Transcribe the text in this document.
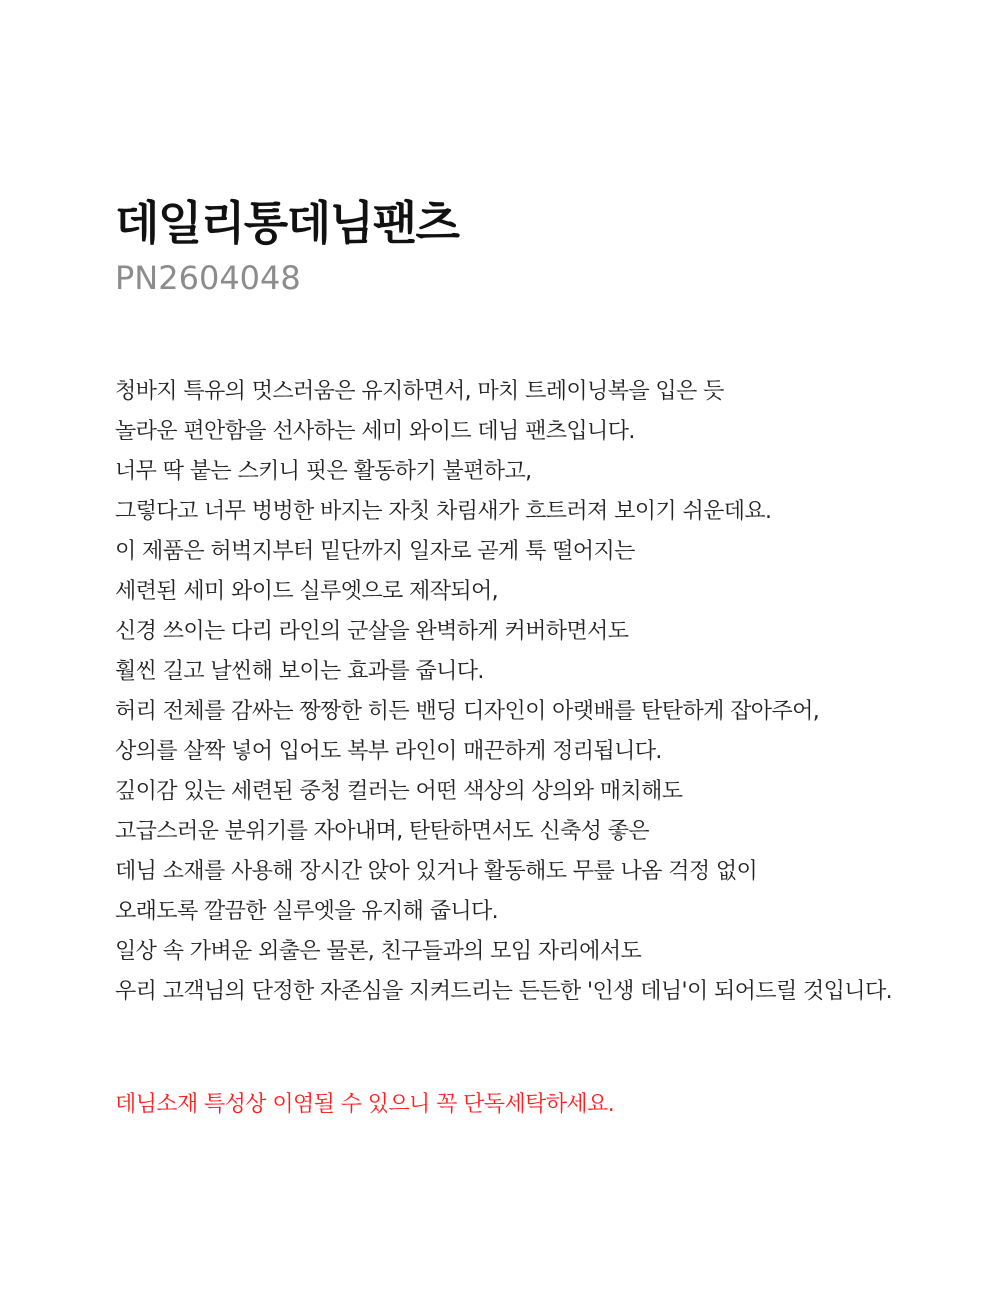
데일리통데님팬츠

PN2604048

청바지 특유의 멋스러움은 유지하면서, 마치 트레이닝복을 입은 듯
놀라운 편안함을 선사하는 세미 와이드 데님 팬츠입니다.
너무 딱 붙는 스키니 핏은 활동하기 불편하고,
그렇다고 너무 벙벙한 바지는 자칫 차림새가 흐트러져 보이기 쉬운데요.
이 제품은 허벅지부터 밑단까지 일자로 곧게 툭 떨어지는
세련된 세미 와이드 실루엣으로 제작되어,
신경 쓰이는 다리 라인의 군살을 완벽하게 커버하면서도
훨씬 길고 날씬해 보이는 효과를 줍니다.
허리 전체를 감싸는 짱짱한 히든 밴딩 디자인이 아랫배를 탄탄하게 잡아주어,
상의를 살짝 넣어 입어도 복부 라인이 매끈하게 정리됩니다.
깊이감 있는 세련된 중청 컬러는 어떤 색상의 상의와 매치해도
고급스러운 분위기를 자아내며, 탄탄하면서도 신축성 좋은
데님 소재를 사용해 장시간 앉아 있거나 활동해도 무릎 나옴 걱정 없이
오래도록 깔끔한 실루엣을 유지해 줍니다.
일상 속 가벼운 외출은 물론, 친구들과의 모임 자리에서도
우리 고객님의 단정한 자존심을 지켜드리는 든든한 '인생 데님'이 되어드릴 것입니다.

데님소재 특성상 이염될 수 있으니 꼭 단독세탁하세요.
